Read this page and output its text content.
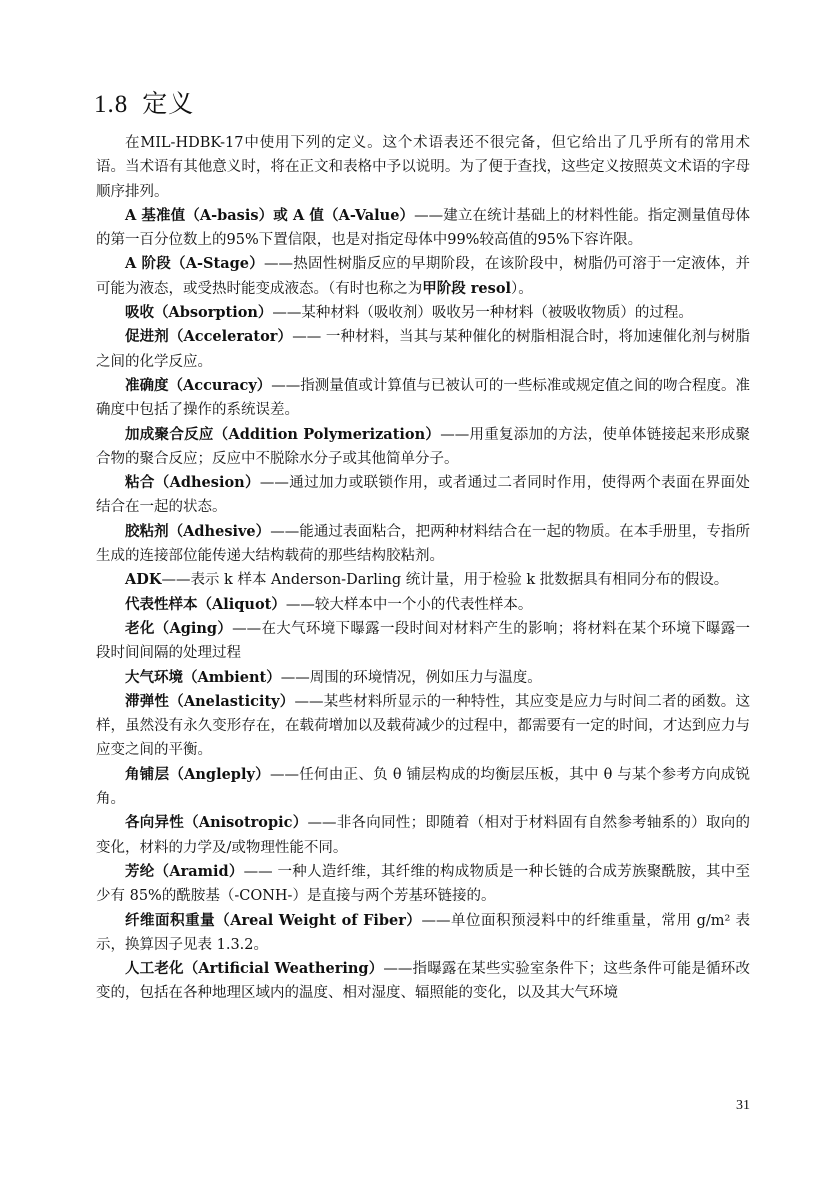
1.8 定义

在MIL-HDBK-17中使用下列的定义。这个术语表还不很完备，但它给出了几乎所有的常用术语。当术语有其他意义时，将在正文和表格中予以说明。为了便于查找，这些定义按照英文术语的字母顺序排列。

A 基准值（A-basis）或 A 值（A-Value）——建立在统计基础上的材料性能。指定测量值母体的第一百分位数上的95%下置信限，也是对指定母体中99%较高值的95%下容许限。

A 阶段（A-Stage）——热固性树脂反应的早期阶段，在该阶段中，树脂仍可溶于一定液体，并可能为液态，或受热时能变成液态。（有时也称之为甲阶段 resol）。

吸收（Absorption）——某种材料（吸收剂）吸收另一种材料（被吸收物质）的过程。

促进剂（Accelerator）—— 一种材料，当其与某种催化的树脂相混合时，将加速催化剂与树脂之间的化学反应。

准确度（Accuracy）——指测量值或计算值与已被认可的一些标准或规定值之间的吻合程度。准确度中包括了操作的系统误差。

加成聚合反应（Addition Polymerization）——用重复添加的方法，使单体链接起来形成聚合物的聚合反应；反应中不脱除水分子或其他简单分子。

粘合（Adhesion）——通过加力或联锁作用，或者通过二者同时作用，使得两个表面在界面处结合在一起的状态。

胶粘剂（Adhesive）——能通过表面粘合，把两种材料结合在一起的物质。在本手册里，专指所生成的连接部位能传递大结构载荷的那些结构胶粘剂。

ADK——表示 k 样本 Anderson-Darling 统计量，用于检验 k 批数据具有相同分布的假设。

代表性样本（Aliquot）——较大样本中一个小的代表性样本。

老化（Aging）——在大气环境下曝露一段时间对材料产生的影响；将材料在某个环境下曝露一段时间间隔的处理过程

大气环境（Ambient）——周围的环境情况，例如压力与温度。

滞弹性（Anelasticity）——某些材料所显示的一种特性，其应变是应力与时间二者的函数。这样，虽然没有永久变形存在，在载荷增加以及载荷减少的过程中，都需要有一定的时间，才达到应力与应变之间的平衡。

角铺层（Angleply）——任何由正、负 θ 铺层构成的均衡层压板，其中 θ 与某个参考方向成锐角。

各向异性（Anisotropic）——非各向同性；即随着（相对于材料固有自然参考轴系的）取向的变化，材料的力学及/或物理性能不同。

芳纶（Aramid）—— 一种人造纤维，其纤维的构成物质是一种长链的合成芳族聚酰胺，其中至少有 85%的酰胺基（-CONH-）是直接与两个芳基环链接的。

纤维面积重量（Areal Weight of Fiber）——单位面积预浸料中的纤维重量，常用 g/m² 表示，换算因子见表 1.3.2。

人工老化（Artificial Weathering）——指曝露在某些实验室条件下；这些条件可能是循环改变的，包括在各种地理区域内的温度、相对湿度、辐照能的变化，以及其大气环境

31
